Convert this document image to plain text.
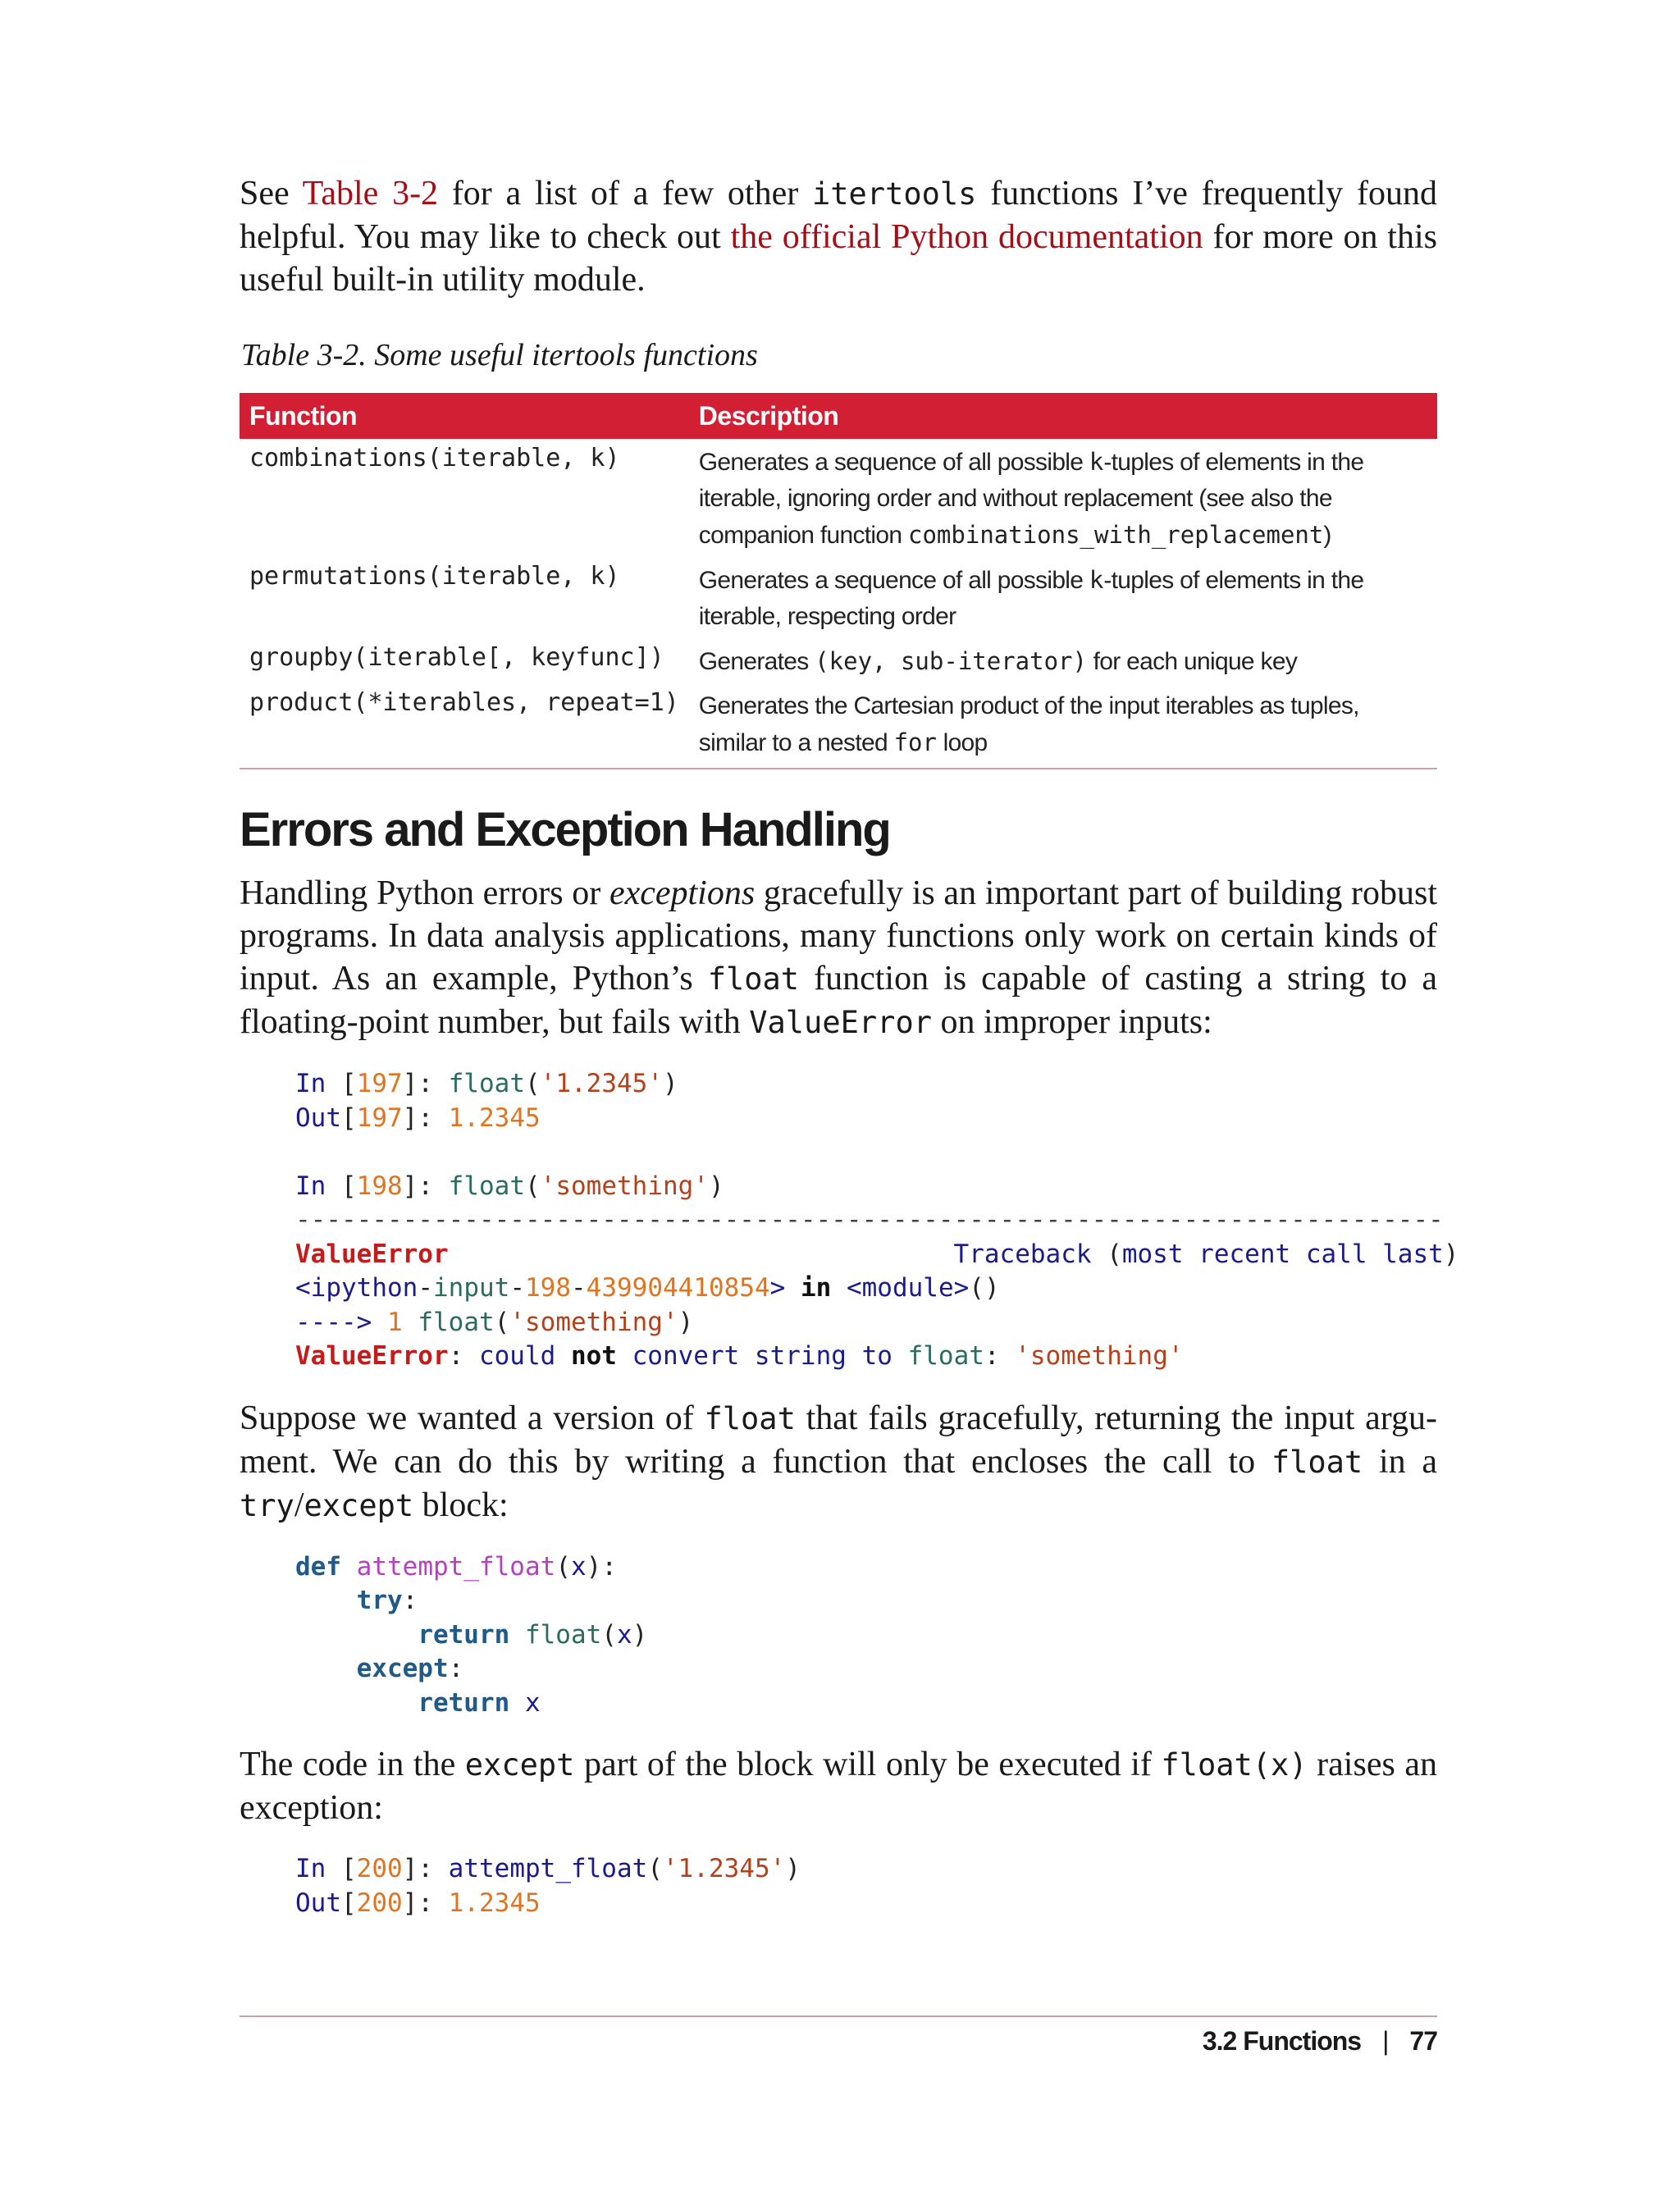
See Table 3-2 for a list of a few other itertools functions I’ve frequently found helpful. You may like to check out the official Python documentation for more on this useful built-in utility module.

Table 3-2. Some useful itertools functions
Function	Description
combinations(iterable, k)	Generates a sequence of all possible k-tuples of elements in the iterable, ignoring order and without replacement (see also the companion function combinations_with_replacement)
permutations(iterable, k)	Generates a sequence of all possible k-tuples of elements in the iterable, respecting order
groupby(iterable[, keyfunc])	Generates (key, sub-iterator) for each unique key
product(*iterables, repeat=1)	Generates the Cartesian product of the input iterables as tuples, similar to a nested for loop
Errors and Exception Handling

Handling Python errors or exceptions gracefully is an important part of building robust programs. In data analysis applications, many functions only work on certain kinds of input. As an example, Python’s float function is capable of casting a string to a floating-point number, but fails with ValueError on improper inputs:

In [197]: float('1.2345')
Out[197]: 1.2345

In [198]: float('something')
---------------------------------------------------------------------------
ValueError	Traceback (most recent call last)
<ipython-input-198-439904410854> in <module>()
----> 1 float('something')
ValueError: could not convert string to float: 'something'

Suppose we wanted a version of float that fails gracefully, returning the input argument. We can do this by writing a function that encloses the call to float in a try/except block:

def attempt_float(x):
try:
return float(x)
except:
return x

The code in the except part of the block will only be executed if float(x) raises an exception:

In [200]: attempt_float('1.2345')
Out[200]: 1.2345
3.2 Functions | 77
